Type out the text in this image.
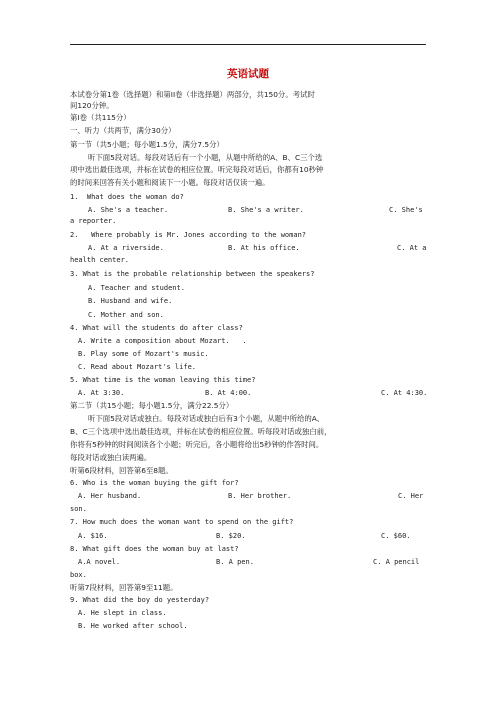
英语试题
本试卷分第1卷（选择题）和第II卷（非选择题）两部分，共150分。考试时
间120分钟。
第Ⅰ卷（共115分）
一、听力（共两节，满分30分）
第一节（共5小题；每小题1.5分，满分7.5分）
听下面5段对话。每段对话后有一个小题，从题中所给的A、B、C三个选
项中选出最佳选项，并标在试卷的相应位置。听完每段对话后，你都有10秒钟
的时间来回答有关小题和阅读下一小题。每段对话仅读一遍。
1.  What does the woman do?
A. She's a teacher.	B. She's a writer.	C. She's
a reporter.
2.   Where probably is Mr. Jones according to the woman?
A. At a riverside.	B. At his office.	C. At a
health center.
3. What is the probable relationship between the speakers?
A. Teacher and student.
B. Husband and wife.
C. Mother and son.
4. What will the students do after class?
A. Write a composition about Mozart.   .
B. Play some of Mozart's music.
C. Read about Mozart's life.
5. What time is the woman leaving this time?
A. At 3:30.	B. At 4:00.	C. At 4:30.
第二节（共15小题；每小题1.5分，满分22.5分）
听下面5段对话或独白。每段对话或独白后有3个小题，从题中所给的A、
B、C三个选项中选出最佳选项，并标在试卷的相应位置。听每段对话或独白前，
你将有5秒钟的时间阅读各个小题；听完后，各小题将给出5秒钟的作答时间。
每段对话或独白读两遍。
听第6段材料，回答第6至8题。
6. Who is the woman buying the gift for?
A. Her husband.	B. Her brother.	C. Her
son.
7. How much does the woman want to spend on the gift?
A. $16.	B. $20.	C. $60.
8. What gift does the woman buy at last?
A.A novel.	B. A pen.	C. A pencil
box.
听第7段材料，回答第9至11题。
9. What did the boy do yesterday?
A. He slept in class.
B. He worked after school.
